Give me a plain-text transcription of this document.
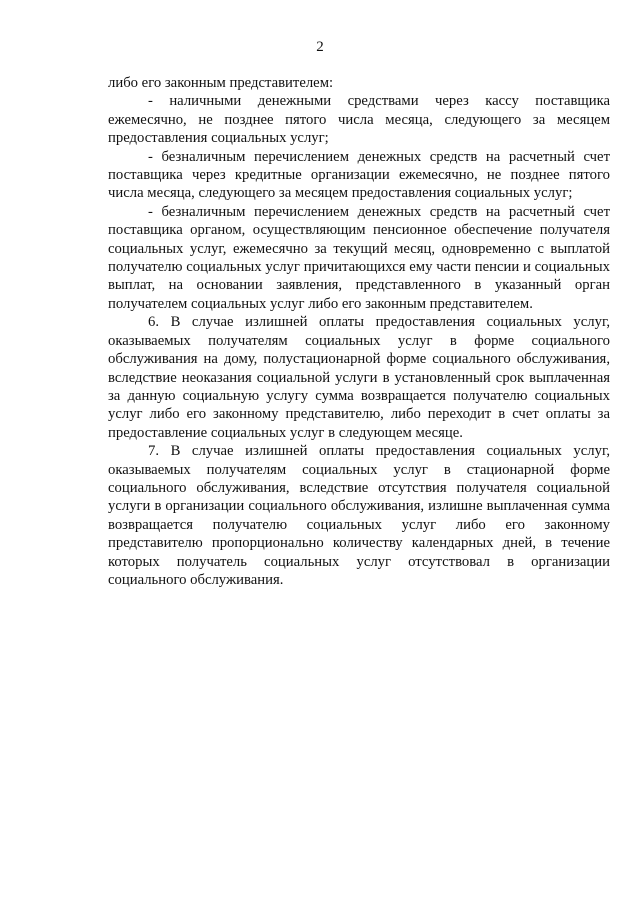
2

либо его законным представителем:

- наличными денежными средствами через кассу поставщика ежемесячно, не позднее пятого числа месяца, следующего за месяцем предоставления социальных услуг;

- безналичным перечислением денежных средств на расчетный счет поставщика через кредитные организации ежемесячно, не позднее пятого числа месяца, следующего за месяцем предоставления социальных услуг;

- безналичным перечислением денежных средств на расчетный счет поставщика органом, осуществляющим пенсионное обеспечение получателя социальных услуг, ежемесячно за текущий месяц, одновременно с выплатой получателю социальных услуг причитающихся ему части пенсии и социальных выплат, на основании заявления, представленного в указанный орган получателем социальных услуг либо его законным представителем.

6. В случае излишней оплаты предоставления социальных услуг, оказываемых получателям социальных услуг в форме социального обслуживания на дому, полустационарной форме социального обслуживания, вследствие неоказания социальной услуги в установленный срок выплаченная за данную социальную услугу сумма возвращается получателю социальных услуг либо его законному представителю, либо переходит в счет оплаты за предоставление социальных услуг в следующем месяце.

7. В случае излишней оплаты предоставления социальных услуг, оказываемых получателям социальных услуг в стационарной форме социального обслуживания, вследствие отсутствия получателя социальной услуги в организации социального обслуживания, излишне выплаченная сумма возвращается получателю социальных услуг либо его законному представителю пропорционально количеству календарных дней, в течение которых получатель социальных услуг отсутствовал в организации социального обслуживания.
